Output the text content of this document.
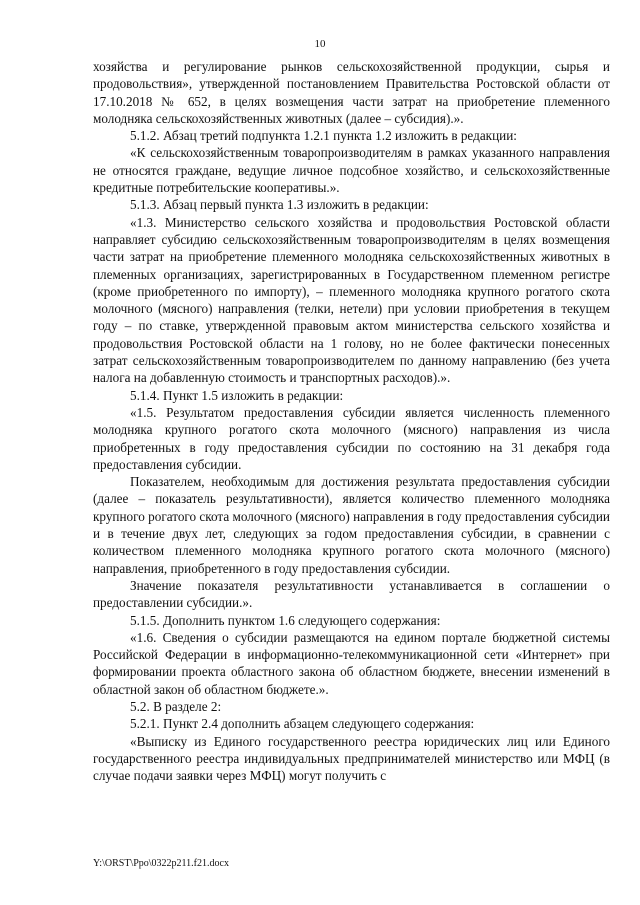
10

хозяйства и регулирование рынков сельскохозяйственной продукции, сырья и продовольствия», утвержденной постановлением Правительства Ростовской области от 17.10.2018 № 652, в целях возмещения части затрат на приобретение племенного молодняка сельскохозяйственных животных (далее – субсидия).».

5.1.2. Абзац третий подпункта 1.2.1 пункта 1.2 изложить в редакции:

«К сельскохозяйственным товаропроизводителям в рамках указанного направления не относятся граждане, ведущие личное подсобное хозяйство, и сельскохозяйственные кредитные потребительские кооперативы.».

5.1.3. Абзац первый пункта 1.3 изложить в редакции:

«1.3. Министерство сельского хозяйства и продовольствия Ростовской области направляет субсидию сельскохозяйственным товаропроизводителям в целях возмещения части затрат на приобретение племенного молодняка сельскохозяйственных животных в племенных организациях, зарегистрированных в Государственном племенном регистре (кроме приобретенного по импорту), – племенного молодняка крупного рогатого скота молочного (мясного) направления (телки, нетели) при условии приобретения в текущем году – по ставке, утвержденной правовым актом министерства сельского хозяйства и продовольствия Ростовской области на 1 голову, но не более фактически понесенных затрат сельскохозяйственным товаропроизводителем по данному направлению (без учета налога на добавленную стоимость и транспортных расходов).».

5.1.4. Пункт 1.5 изложить в редакции:

«1.5. Результатом предоставления субсидии является численность племенного молодняка крупного рогатого скота молочного (мясного) направления из числа приобретенных в году предоставления субсидии по состоянию на 31 декабря года предоставления субсидии.

Показателем, необходимым для достижения результата предоставления субсидии (далее – показатель результативности), является количество племенного молодняка крупного рогатого скота молочного (мясного) направления в году предоставления субсидии и в течение двух лет, следующих за годом предоставления субсидии, в сравнении с количеством племенного молодняка крупного рогатого скота молочного (мясного) направления, приобретенного в году предоставления субсидии.

Значение показателя результативности устанавливается в соглашении о предоставлении субсидии.».

5.1.5. Дополнить пунктом 1.6 следующего содержания:

«1.6. Сведения о субсидии размещаются на едином портале бюджетной системы Российской Федерации в информационно-телекоммуникационной сети «Интернет» при формировании проекта областного закона об областном бюджете, внесении изменений в областной закон об областном бюджете.».

5.2. В разделе 2:

5.2.1. Пункт 2.4 дополнить абзацем следующего содержания:

«Выписку из Единого государственного реестра юридических лиц или Единого государственного реестра индивидуальных предпринимателей министерство или МФЦ (в случае подачи заявки через МФЦ) могут получить с

Y:\ORST\Ppo\0322p211.f21.docx
